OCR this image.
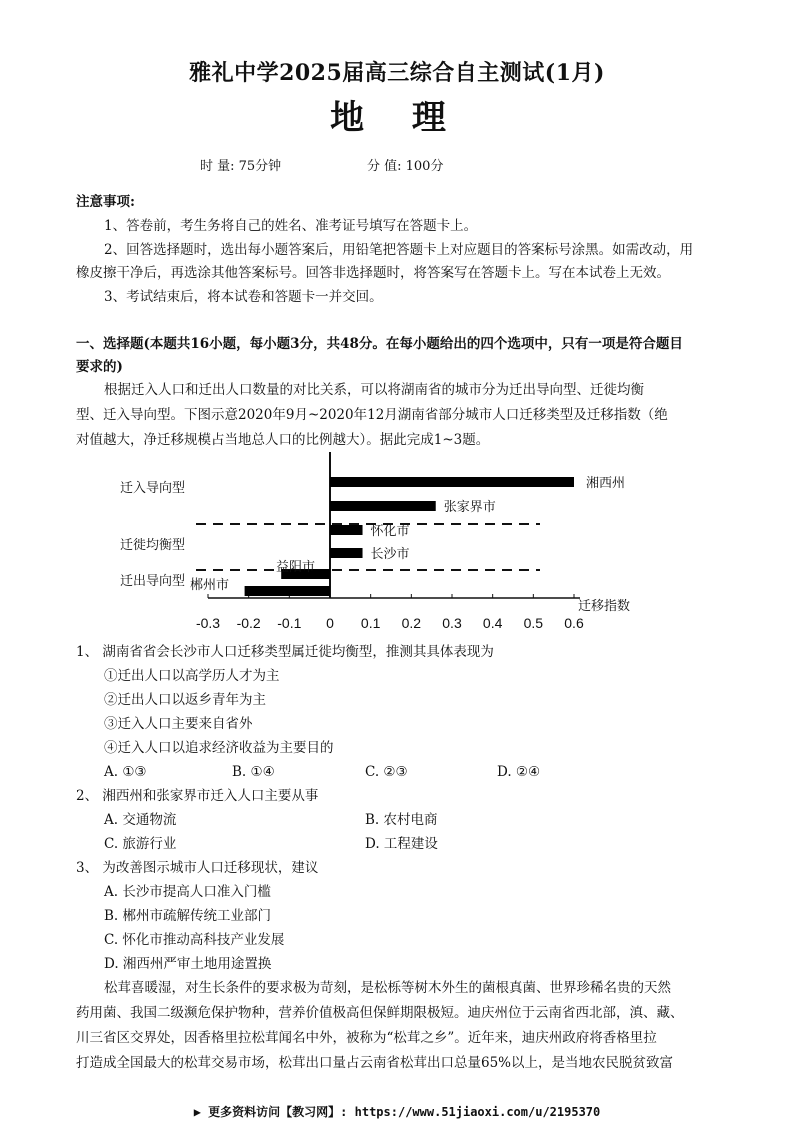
雅礼中学2025届高三综合自主测试(1月)
地 理
时 量: 75分钟	分 值: 100分
注意事项:
1、答卷前，考生务将自己的姓名、准考证号填写在答题卡上。
2、回答选择题时，选出每小题答案后，用铅笔把答题卡上对应题目的答案标号涂黑。如需改动，用
橡皮擦干净后，再选涂其他答案标号。回答非选择题时，将答案写在答题卡上。写在本试卷上无效。
3、考试结束后，将本试卷和答题卡一并交回。
一、选择题(本题共16小题，每小题3分，共48分。在每小题给出的四个选项中，只有一项是符合题目
要求的)
根据迁入人口和迁出人口数量的对比关系，可以将湖南省的城市分为迁出导向型、迁徙均衡
型、迁入导向型。下图示意2020年9月~2020年12月湖南省部分城市人口迁移类型及迁移指数（绝
对值越大，净迁移规模占当地总人口的比例越大）。据此完成1~3题。
-0.3 -0.2 -0.1 0 0.1 0.2 0.3 0.4 0.5 0.6
迁移指数
迁入导向型
迁徙均衡型
迁出导向型
湘西州
张家界市
怀化市
长沙市
益阳市
郴州市
1、 湖南省省会长沙市人口迁移类型属迁徙均衡型，推测其具体表现为
①迁出人口以高学历人才为主
②迁出人口以返乡青年为主
③迁入人口主要来自省外
④迁入人口以追求经济收益为主要目的
A. ①③	B. ①④	C. ②③	D. ②④
2、 湘西州和张家界市迁入人口主要从事
A. 交通物流	B. 农村电商
C. 旅游行业	D. 工程建设
3、 为改善图示城市人口迁移现状，建议
A. 长沙市提高人口准入门槛
B. 郴州市疏解传统工业部门
C. 怀化市推动高科技产业发展
D. 湘西州严审土地用途置换
松茸喜暖湿，对生长条件的要求极为苛刻，是松栎等树木外生的菌根真菌、世界珍稀名贵的天然
药用菌、我国二级濒危保护物种，营养价值极高但保鲜期限极短。迪庆州位于云南省西北部，滇、藏、
川三省区交界处，因香格里拉松茸闻名中外，被称为“松茸之乡”。近年来，迪庆州政府将香格里拉
打造成全国最大的松茸交易市场，松茸出口量占云南省松茸出口总量65%以上，是当地农民脱贫致富
▶ 更多资料访问【教习网】: https://www.51jiaoxi.com/u/2195370
